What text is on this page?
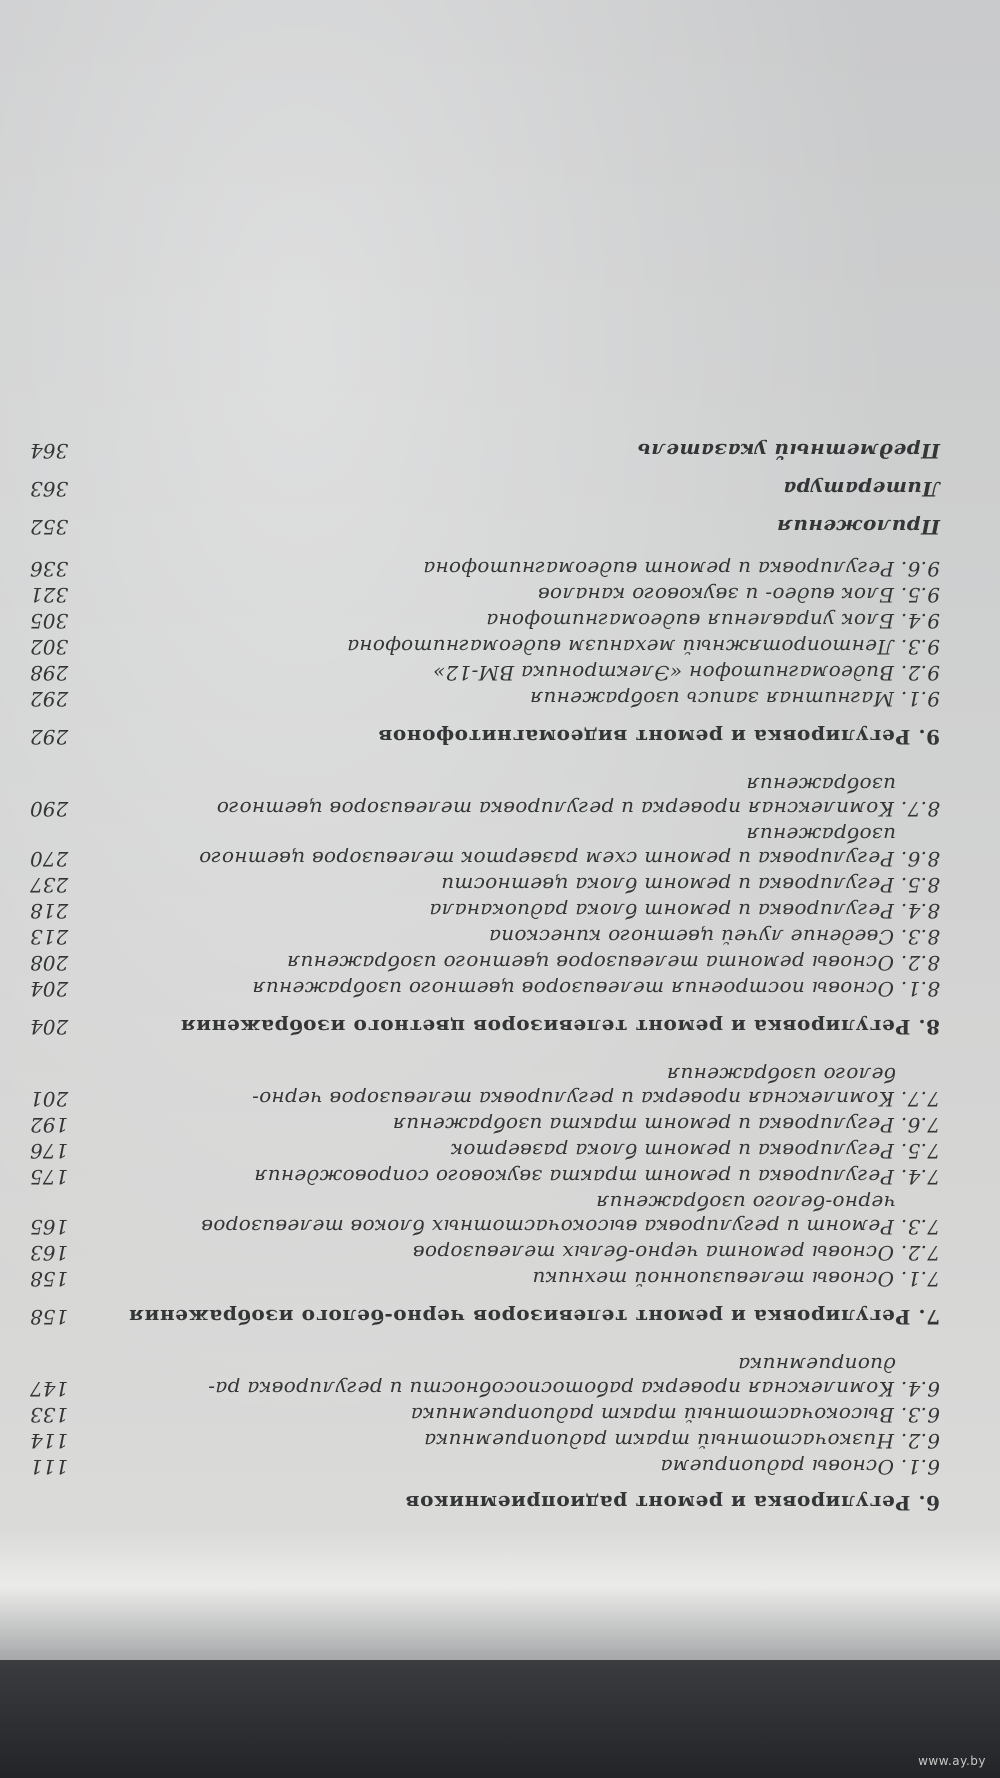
6. Регулировка и ремонт радиоприемников
6.1. Основы радиоприема
111
6.2. Низкочастотный тракт радиоприемника
114
6.3. Высокочастотный тракт радиоприемника
133
6.4. Комплексная проверка работоспособности и регулировка ра-
147
диоприемника
7. Регулировка и ремонт телевизоров черно-белого изображения
158
7.1. Основы телевизионной техники
158
7.2. Основы ремонта черно-белых телевизоров
163
7.3. Ремонт и регулировка высокочастотных блоков телевизоров
165
черно-белого изображения
7.4. Регулировка и ремонт тракта звукового сопровождения
175
7.5. Регулировка и ремонт блока разверток
176
7.6. Регулировка и ремонт тракта изображения
192
7.7. Комплексная проверка и регулировка телевизоров черно-
201
белого изображения
8. Регулировка и ремонт телевизоров цветного изображения
204
8.1. Основы построения телевизоров цветного изображения
204
8.2. Основы ремонта телевизоров цветного изображения
208
8.3. Сведение лучей цветного кинескопа
213
8.4. Регулировка и ремонт блока радиоканала
218
8.5. Регулировка и ремонт блока цветности
237
8.6. Регулировка и ремонт схем разверток телевизоров цветного
270
изображения
8.7. Комплексная проверка и регулировка телевизоров цветного
290
изображения
9. Регулировка и ремонт видеомагнитофонов
292
9.1. Магнитная запись изображения
292
9.2. Видеомагнитофон «Электроника ВМ-12»
298
9.3. Лентопротяжный механизм видеомагнитофона
302
9.4. Блок управления видеомагнитофона
305
9.5. Блок видео- и звукового каналов
321
9.6. Регулировка и ремонт видеомагнитофона
336
Приложения
352
Литература
363
Предметный указатель
364
www.ay.by
